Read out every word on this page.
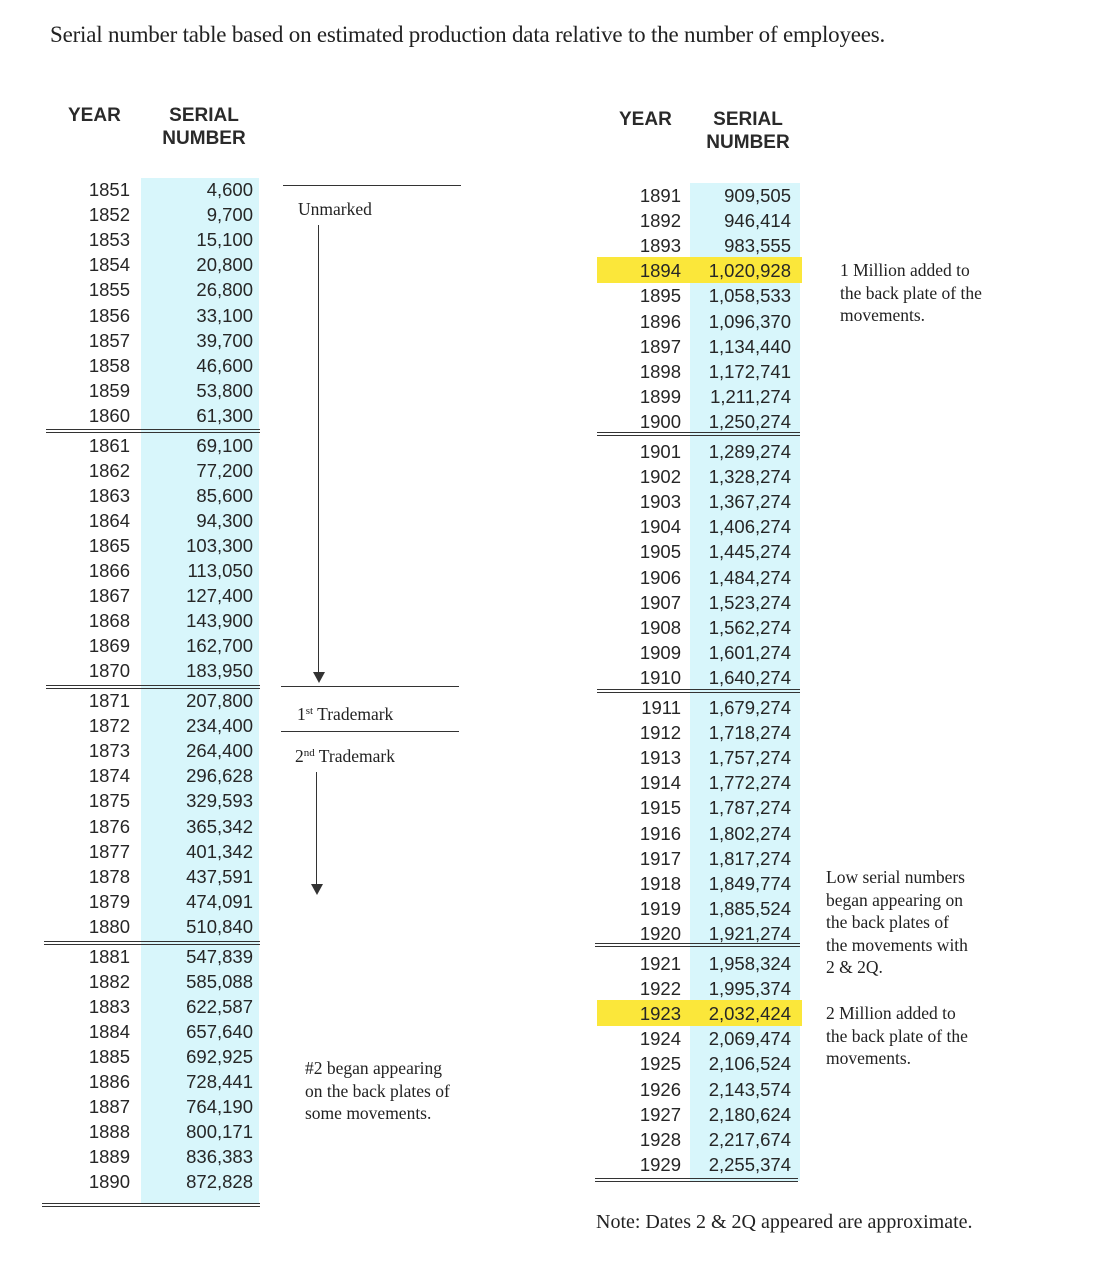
Serial number table based on estimated production data relative to the number of employees.
YEAR	SERIAL
NUMBER
YEAR	SERIAL
NUMBER
1851	4,600
1852	9,700
1853	15,100
1854	20,800
1855	26,800
1856	33,100
1857	39,700
1858	46,600
1859	53,800
1860	61,300
1861	69,100
1862	77,200
1863	85,600
1864	94,300
1865	103,300
1866	113,050
1867	127,400
1868	143,900
1869	162,700
1870	183,950
1871	207,800
1872	234,400
1873	264,400
1874	296,628
1875	329,593
1876	365,342
1877	401,342
1878	437,591
1879	474,091
1880	510,840
1881	547,839
1882	585,088
1883	622,587
1884	657,640
1885	692,925
1886	728,441
1887	764,190
1888	800,171
1889	836,383
1890	872,828
1891	909,505
1892	946,414
1893	983,555
1894	1,020,928
1895	1,058,533
1896	1,096,370
1897	1,134,440
1898	1,172,741
1899	1,211,274
1900	1,250,274
1901	1,289,274
1902	1,328,274
1903	1,367,274
1904	1,406,274
1905	1,445,274
1906	1,484,274
1907	1,523,274
1908	1,562,274
1909	1,601,274
1910	1,640,274
1911	1,679,274
1912	1,718,274
1913	1,757,274
1914	1,772,274
1915	1,787,274
1916	1,802,274
1917	1,817,274
1918	1,849,774
1919	1,885,524
1920	1,921,274
1921	1,958,324
1922	1,995,374
1923	2,032,424
1924	2,069,474
1925	2,106,524
1926	2,143,574
1927	2,180,624
1928	2,217,674
1929	2,255,374
Unmarked
1st Trademark
2nd Trademark
#2 began appearing
on the back plates of
some movements.
1 Million added to
the back plate of the
movements.
Low serial numbers
began appearing on
the back plates of
the movements with
2 & 2Q.
2 Million added to
the back plate of the
movements.
Note: Dates 2 & 2Q appeared are approximate.
